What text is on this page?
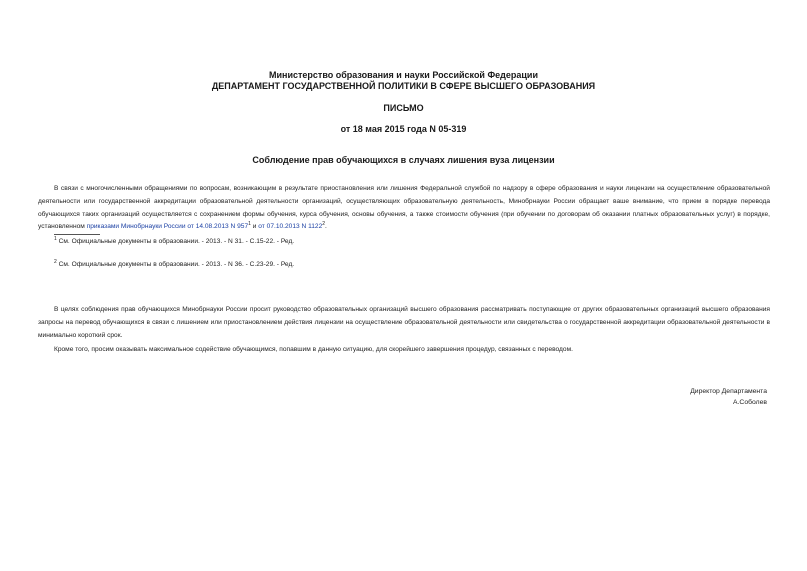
Министерство образования и науки Российской Федерации
ДЕПАРТАМЕНТ ГОСУДАРСТВЕННОЙ ПОЛИТИКИ В СФЕРЕ ВЫСШЕГО ОБРАЗОВАНИЯ
ПИСЬМО
от 18 мая 2015 года N 05-319
Соблюдение прав обучающихся в случаях лишения вуза лицензии
В связи с многочисленными обращениями по вопросам, возникающим в результате приостановления или лишения Федеральной службой по надзору в сфере образования и науки лицензии на осуществление образовательной деятельности или государственной аккредитации образовательной деятельности организаций, осуществляющих образовательную деятельность, Минобрнауки России обращает ваше внимание, что прием в порядке перевода обучающихся таких организаций осуществляется с сохранением формы обучения, курса обучения, основы обучения, а также стоимости обучения (при обучении по договорам об оказании платных образовательных услуг) в порядке, установленном приказами Минобрнауки России от 14.08.2013 N 957$^1$ и от 07.10.2013 N 1122$^2$.
$^1$ См. Официальные документы в образовании. - 2013. - N 31. - С.15-22. - Ред.
$^2$ См. Официальные документы в образовании. - 2013. - N 36. - С.23-29. - Ред.
В целях соблюдения прав обучающихся Минобрнауки России просит руководство образовательных организаций высшего образования рассматривать поступающие от других образовательных организаций высшего образования запросы на перевод обучающихся в связи с лишением или приостановлением действия лицензии на осуществление образовательной деятельности или свидетельства о государственной аккредитации образовательной деятельности в минимально короткий срок.
Кроме того, просим оказывать максимальное содействие обучающимся, попавшим в данную ситуацию, для скорейшего завершения процедур, связанных с переводом.
Директор Департамента
А.Соболев
